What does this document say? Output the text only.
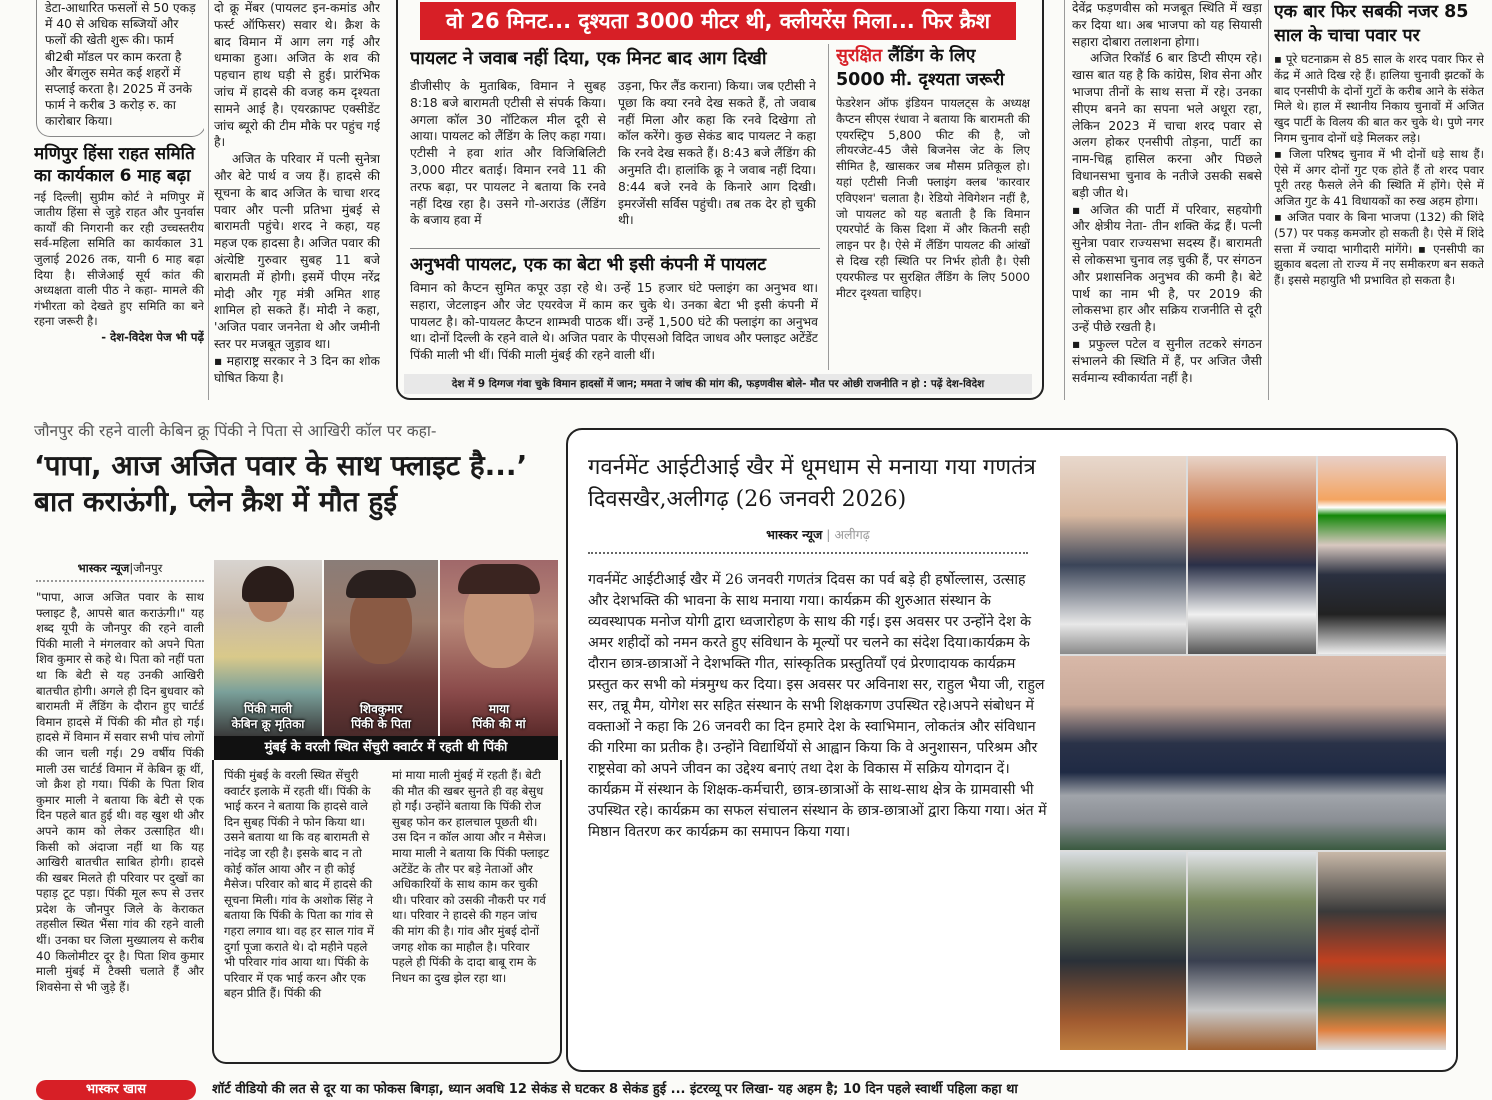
डेटा-आधारित फसलों से 50 एकड़ में 40 से अधिक सब्जियों और फलों की खेती शुरू की। फार्म बी2बी मॉडल पर काम करता है और बेंगलुरु समेत कई शहरों में सप्लाई करता है। 2025 में उनके फार्म ने करीब 3 करोड़ रु. का कारोबार किया।
मणिपुर हिंसा राहत समिति का कार्यकाल 6 माह बढ़ा

नई दिल्ली| सुप्रीम कोर्ट ने मणिपुर में जातीय हिंसा से जुड़े राहत और पुनर्वास कार्यों की निगरानी कर रही उच्चस्तरीय सर्व-महिला समिति का कार्यकाल 31 जुलाई 2026 तक, यानी 6 माह बढ़ा दिया है। सीजेआई सूर्य कांत की अध्यक्षता वाली पीठ ने कहा- मामले की गंभीरता को देखते हुए समिति का बने रहना जरूरी है।

- देश-विदेश पेज भी पढ़ें

दो क्रू मेंबर (पायलट इन-कमांड और फर्स्ट ऑफिसर) सवार थे। क्रैश के बाद विमान में आग लग गई और धमाका हुआ। अजित के शव की पहचान हाथ घड़ी से हुई। प्रारंभिक जांच में हादसे की वजह कम दृश्यता सामने आई है। एयरक्राफ्ट एक्सीडेंट जांच ब्यूरो की टीम मौके पर पहुंच गई है।

अजित के परिवार में पत्नी सुनेत्रा और बेटे पार्थ व जय हैं। हादसे की सूचना के बाद अजित के चाचा शरद पवार और पत्नी प्रतिभा मुंबई से बारामती पहुंचे। शरद ने कहा, यह महज एक हादसा है। अजित पवार की अंत्येष्टि गुरुवार सुबह 11 बजे बारामती में होगी। इसमें पीएम नरेंद्र मोदी और गृह मंत्री अमित शाह शामिल हो सकते हैं। मोदी ने कहा, 'अजित पवार जननेता थे और जमीनी स्तर पर मजबूत जुड़ाव था।

▪ महाराष्ट्र सरकार ने 3 दिन का शोक घोषित किया है।

वो 26 मिनट... दृश्यता 3000 मीटर थी, क्लीयरेंस मिला... फिर क्रैश
पायलट ने जवाब नहीं दिया, एक मिनट बाद आग दिखी
डीजीसीए के मुताबिक, विमान ने सुबह 8:18 बजे बारामती एटीसी से संपर्क किया। अगला कॉल 30 नॉटिकल मील दूरी से आया। पायलट को लैंडिंग के लिए कहा गया। एटीसी ने हवा शांत और विजिबिलिटी 3,000 मीटर बताई। विमान रनवे 11 की तरफ बढ़ा, पर पायलट ने बताया कि रनवे नहीं दिख रहा है। उसने गो-अराउंड (लैंडिंग के बजाय हवा में
उड़ना, फिर लैंड कराना) किया। जब एटीसी ने पूछा कि क्या रनवे देख सकते हैं, तो जवाब नहीं मिला और कहा कि रनवे दिखेगा तो कॉल करेंगे। कुछ सेकंड बाद पायलट ने कहा कि रनवे देख सकते हैं। 8:43 बजे लैंडिंग की अनुमति दी। हालांकि क्रू ने जवाब नहीं दिया। 8:44 बजे रनवे के किनारे आग दिखी। इमरजेंसी सर्विस पहुंची। तब तक देर हो चुकी थी।
अनुभवी पायलट, एक का बेटा भी इसी कंपनी में पायलट
विमान को कैप्टन सुमित कपूर उड़ा रहे थे। उन्हें 15 हजार घंटे फ्लाइंग का अनुभव था। सहारा, जेटलाइन और जेट एयरवेज में काम कर चुके थे। उनका बेटा भी इसी कंपनी में पायलट है। को-पायलट कैप्टन शाम्भवी पाठक थीं। उन्हें 1,500 घंटे की फ्लाइंग का अनुभव था। दोनों दिल्ली के रहने वाले थे। अजित पवार के पीएसओ विदित जाधव और फ्लाइट अटेंडेंट पिंकी माली भी थीं। पिंकी माली मुंबई की रहने वाली थीं।
सुरक्षित लैंडिंग के लिए 5000 मी. दृश्यता जरूरी
फेडरेशन ऑफ इंडियन पायलट्स के अध्यक्ष कैप्टन सीएस रंधावा ने बताया कि बारामती की एयरस्ट्रिप 5,800 फीट की है, जो लीयरजेट-45 जैसे बिजनेस जेट के लिए सीमित है, खासकर जब मौसम प्रतिकूल हो। यहां एटीसी निजी फ्लाइंग क्लब 'कारवार एविएशन' चलाता है। रेडियो नेविगेशन नहीं है, जो पायलट को यह बताती है कि विमान एयरपोर्ट के किस दिशा में और कितनी सही लाइन पर है। ऐसे में लैंडिंग पायलट की आंखों से दिख रही स्थिति पर निर्भर होती है। ऐसी एयरफील्ड पर सुरक्षित लैंडिंग के लिए 5000 मीटर दृश्यता चाहिए।
देश में 9 दिग्गज गंवा चुके विमान हादसों में जान; ममता ने जांच की मांग की, फड़णवीस बोले- मौत पर ओछी राजनीति न हो : पढ़ें देश-विदेश

देवेंद्र फड़णवीस को मजबूत स्थिति में खड़ा कर दिया था। अब भाजपा को यह सियासी सहारा दोबारा तलाशना होगा।

अजित रिकॉर्ड 6 बार डिप्टी सीएम रहे। खास बात यह है कि कांग्रेस, शिव सेना और भाजपा तीनों के साथ सत्ता में रहे। उनका सीएम बनने का सपना भले अधूरा रहा, लेकिन 2023 में चाचा शरद पवार से अलग होकर एनसीपी तोड़ना, पार्टी का नाम-चिह्न हासिल करना और पिछले विधानसभा चुनाव के नतीजे उसकी सबसे बड़ी जीत थे।

▪ अजित की पार्टी में परिवार, सहयोगी और क्षेत्रीय नेता- तीन शक्ति केंद्र हैं। पत्नी सुनेत्रा पवार राज्यसभा सदस्य हैं। बारामती से लोकसभा चुनाव लड़ चुकी हैं, पर संगठन और प्रशासनिक अनुभव की कमी है। बेटे पार्थ का नाम भी है, पर 2019 की लोकसभा हार और सक्रिय राजनीति से दूरी उन्हें पीछे रखती है।

▪ प्रफुल्ल पटेल व सुनील तटकरे संगठन संभालने की स्थिति में हैं, पर अजित जैसी सर्वमान्य स्वीकार्यता नहीं है।

एक बार फिर सबकी नजर 85 साल के चाचा पवार पर

▪ पूरे घटनाक्रम से 85 साल के शरद पवार फिर से केंद्र में आते दिख रहे हैं। हालिया चुनावी झटकों के बाद एनसीपी के दोनों गुटों के करीब आने के संकेत मिले थे। हाल में स्थानीय निकाय चुनावों में अजित खुद पार्टी के विलय की बात कर चुके थे। पुणे नगर निगम चुनाव दोनों धड़े मिलकर लड़े।

▪ जिला परिषद चुनाव में भी दोनों धड़े साथ हैं। ऐसे में अगर दोनों गुट एक होते हैं तो शरद पवार पूरी तरह फैसले लेने की स्थिति में होंगे। ऐसे में अजित गुट के 41 विधायकों का रुख अहम होगा।

▪ अजित पवार के बिना भाजपा (132) की शिंदे (57) पर पकड़ कमजोर हो सकती है। ऐसे में शिंदे सत्ता में ज्यादा भागीदारी मांगेंगे। ▪ एनसीपी का झुकाव बदला तो राज्य में नए समीकरण बन सकते हैं। इससे महायुति भी प्रभावित हो सकता है।

जौनपुर की रहने वाली केबिन क्रू पिंकी ने पिता से आखिरी कॉल पर कहा-
‘पापा, आज अजित पवार के साथ फ्लाइट है...’ बात कराऊंगी, प्लेन क्रैश में मौत हुई
भास्कर न्यूज|जौनपुर
"पापा, आज अजित पवार के साथ फ्लाइट है, आपसे बात कराऊंगी।" यह शब्द यूपी के जौनपुर की रहने वाली पिंकी माली ने मंगलवार को अपने पिता शिव कुमार से कहे थे। पिता को नहीं पता था कि बेटी से यह उनकी आखिरी बातचीत होगी। अगले ही दिन बुधवार को बारामती में लैंडिंग के दौरान हुए चार्टर्ड विमान हादसे में पिंकी की मौत हो गई। हादसे में विमान में सवार सभी पांच लोगों की जान चली गई। 29 वर्षीय पिंकी माली उस चार्टर्ड विमान में केबिन क्रू थीं, जो क्रैश हो गया। पिंकी के पिता शिव कुमार माली ने बताया कि बेटी से एक दिन पहले बात हुई थी। वह खुश थी और अपने काम को लेकर उत्साहित थी। किसी को अंदाजा नहीं था कि यह आखिरी बातचीत साबित होगी। हादसे की खबर मिलते ही परिवार पर दुखों का पहाड़ टूट पड़ा। पिंकी मूल रूप से उत्तर प्रदेश के जौनपुर जिले के केराकत तहसील स्थित भैंसा गांव की रहने वाली थीं। उनका घर जिला मुख्यालय से करीब 40 किलोमीटर दूर है। पिता शिव कुमार माली मुंबई में टैक्सी चलाते हैं और शिवसेना से भी जुड़े हैं।
पिंकी माली
केबिन क्रू मृतिका
शिवकुमार
पिंकी के पिता
माया
पिंकी की मां
मुंबई के वरली स्थित सेंचुरी क्वार्टर में रहती थी पिंकी
पिंकी मुंबई के वरली स्थित सेंचुरी क्वार्टर इलाके में रहती थीं। पिंकी के भाई करन ने बताया कि हादसे वाले दिन सुबह पिंकी ने फोन किया था। उसने बताया था कि वह बारामती से नांदेड़ जा रही है। इसके बाद न तो कोई कॉल आया और न ही कोई मैसेज। परिवार को बाद में हादसे की सूचना मिली। गांव के अशोक सिंह ने बताया कि पिंकी के पिता का गांव से गहरा लगाव था। वह हर साल गांव में दुर्गा पूजा कराते थे। दो महीने पहले भी परिवार गांव आया था। पिंकी के परिवार में एक भाई करन और एक बहन प्रीति हैं। पिंकी की
मां माया माली मुंबई में रहती हैं। बेटी की मौत की खबर सुनते ही वह बेसुध हो गईं। उन्होंने बताया कि पिंकी रोज सुबह फोन कर हालचाल पूछती थी। उस दिन न कॉल आया और न मैसेज। माया माली ने बताया कि पिंकी फ्लाइट अटेंडेंट के तौर पर बड़े नेताओं और अधिकारियों के साथ काम कर चुकी थी। परिवार को उसकी नौकरी पर गर्व था। परिवार ने हादसे की गहन जांच की मांग की है। गांव और मुंबई दोनों जगह शोक का माहौल है। परिवार पहले ही पिंकी के दादा बाबू राम के निधन का दुख झेल रहा था।
गवर्नमेंट आईटीआई खैर में धूमधाम से मनाया गया गणतंत्र दिवसखैर,अलीगढ़ (26 जनवरी 2026)
भास्कर न्यूज | अलीगढ़
गवर्नमेंट आईटीआई खैर में 26 जनवरी गणतंत्र दिवस का पर्व बड़े ही हर्षोल्लास, उत्साह और देशभक्ति की भावना के साथ मनाया गया। कार्यक्रम की शुरुआत संस्थान के व्यवस्थापक मनोज योगी द्वारा ध्वजारोहण के साथ की गई। इस अवसर पर उन्होंने देश के अमर शहीदों को नमन करते हुए संविधान के मूल्यों पर चलने का संदेश दिया।कार्यक्रम के दौरान छात्र-छात्राओं ने देशभक्ति गीत, सांस्कृतिक प्रस्तुतियाँ एवं प्रेरणादायक कार्यक्रम प्रस्तुत कर सभी को मंत्रमुग्ध कर दिया। इस अवसर पर अविनाश सर, राहुल भैया जी, राहुल सर, तन्नू मैम, योगेश सर सहित संस्थान के सभी शिक्षकगण उपस्थित रहे।अपने संबोधन में वक्ताओं ने कहा कि 26 जनवरी का दिन हमारे देश के स्वाभिमान, लोकतंत्र और संविधान की गरिमा का प्रतीक है। उन्होंने विद्यार्थियों से आह्वान किया कि वे अनुशासन, परिश्रम और राष्ट्रसेवा को अपने जीवन का उद्देश्य बनाएं तथा देश के विकास में सक्रिय योगदान दें।कार्यक्रम में संस्थान के शिक्षक-कर्मचारी, छात्र-छात्राओं के साथ-साथ क्षेत्र के ग्रामवासी भी उपस्थित रहे। कार्यक्रम का सफल संचालन संस्थान के छात्र-छात्राओं द्वारा किया गया। अंत में मिष्ठान वितरण कर कार्यक्रम का समापन किया गया।
भास्कर खास	शॉर्ट वीडियो की लत से दूर या का फोकस बिगड़ा, ध्यान अवधि 12 सेकंड से घटकर 8 सेकंड हुई ... इंटरव्यू पर लिखा- यह अहम है; 10 दिन पहले स्वार्थी पहिला कहा था
